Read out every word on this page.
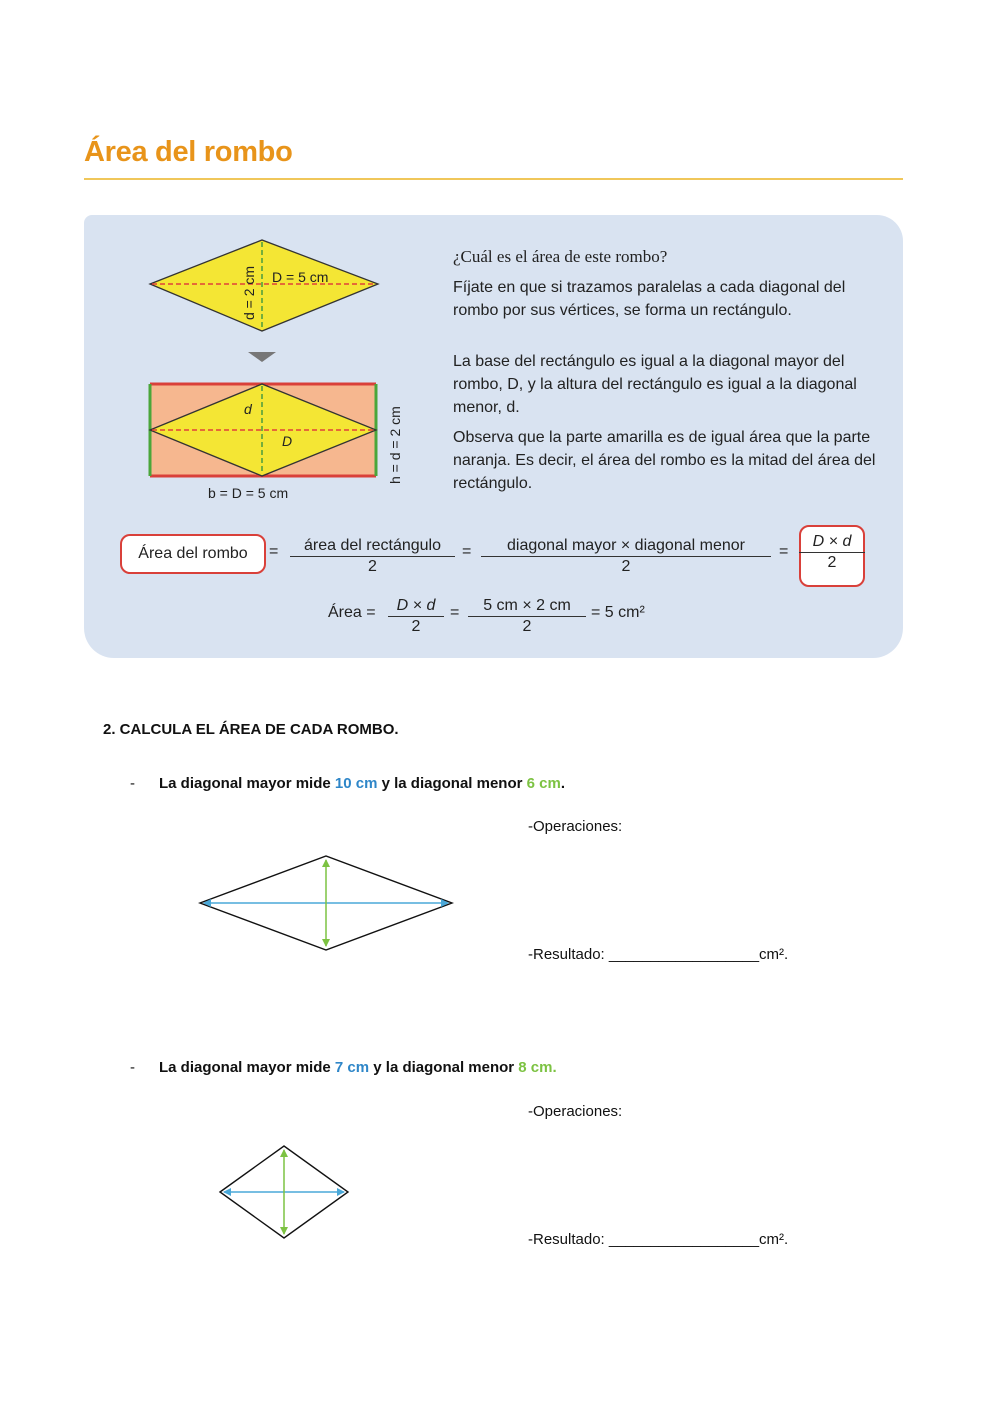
Área del rombo
d = 2 cm D = 5 cm
d
D	h = d = 2 cm
b = D = 5 cm
¿Cuál es el área de este rombo?
Fíjate en que si trazamos paralelas a cada diagonal del rombo por sus vértices, se forma un rectángulo.
La base del rectángulo es igual a la diagonal mayor del rombo, D, y la altura del rectángulo es igual a la diagonal menor, d.
Observa que la parte amarilla es de igual área que la parte naranja. Es decir, el área del rombo es la mitad del área del rectángulo.
Área del rombo	=	área del rectángulo
2
=	diagonal mayor × diagonal menor
2
= $\frac{D \times d}{2}$
Área = $\frac{D \times d}{2} = \frac{5 cm \times 2 cm}{2} = 5$ cm²
2. CALCULA EL ÁREA DE CADA ROMBO.
- La diagonal mayor mide 10 cm y la diagonal menor 6 cm.
-Operaciones:
-Resultado: __________________cm².
- La diagonal mayor mide 7 cm y la diagonal menor 8 cm.
-Operaciones:
-Resultado: __________________cm².
